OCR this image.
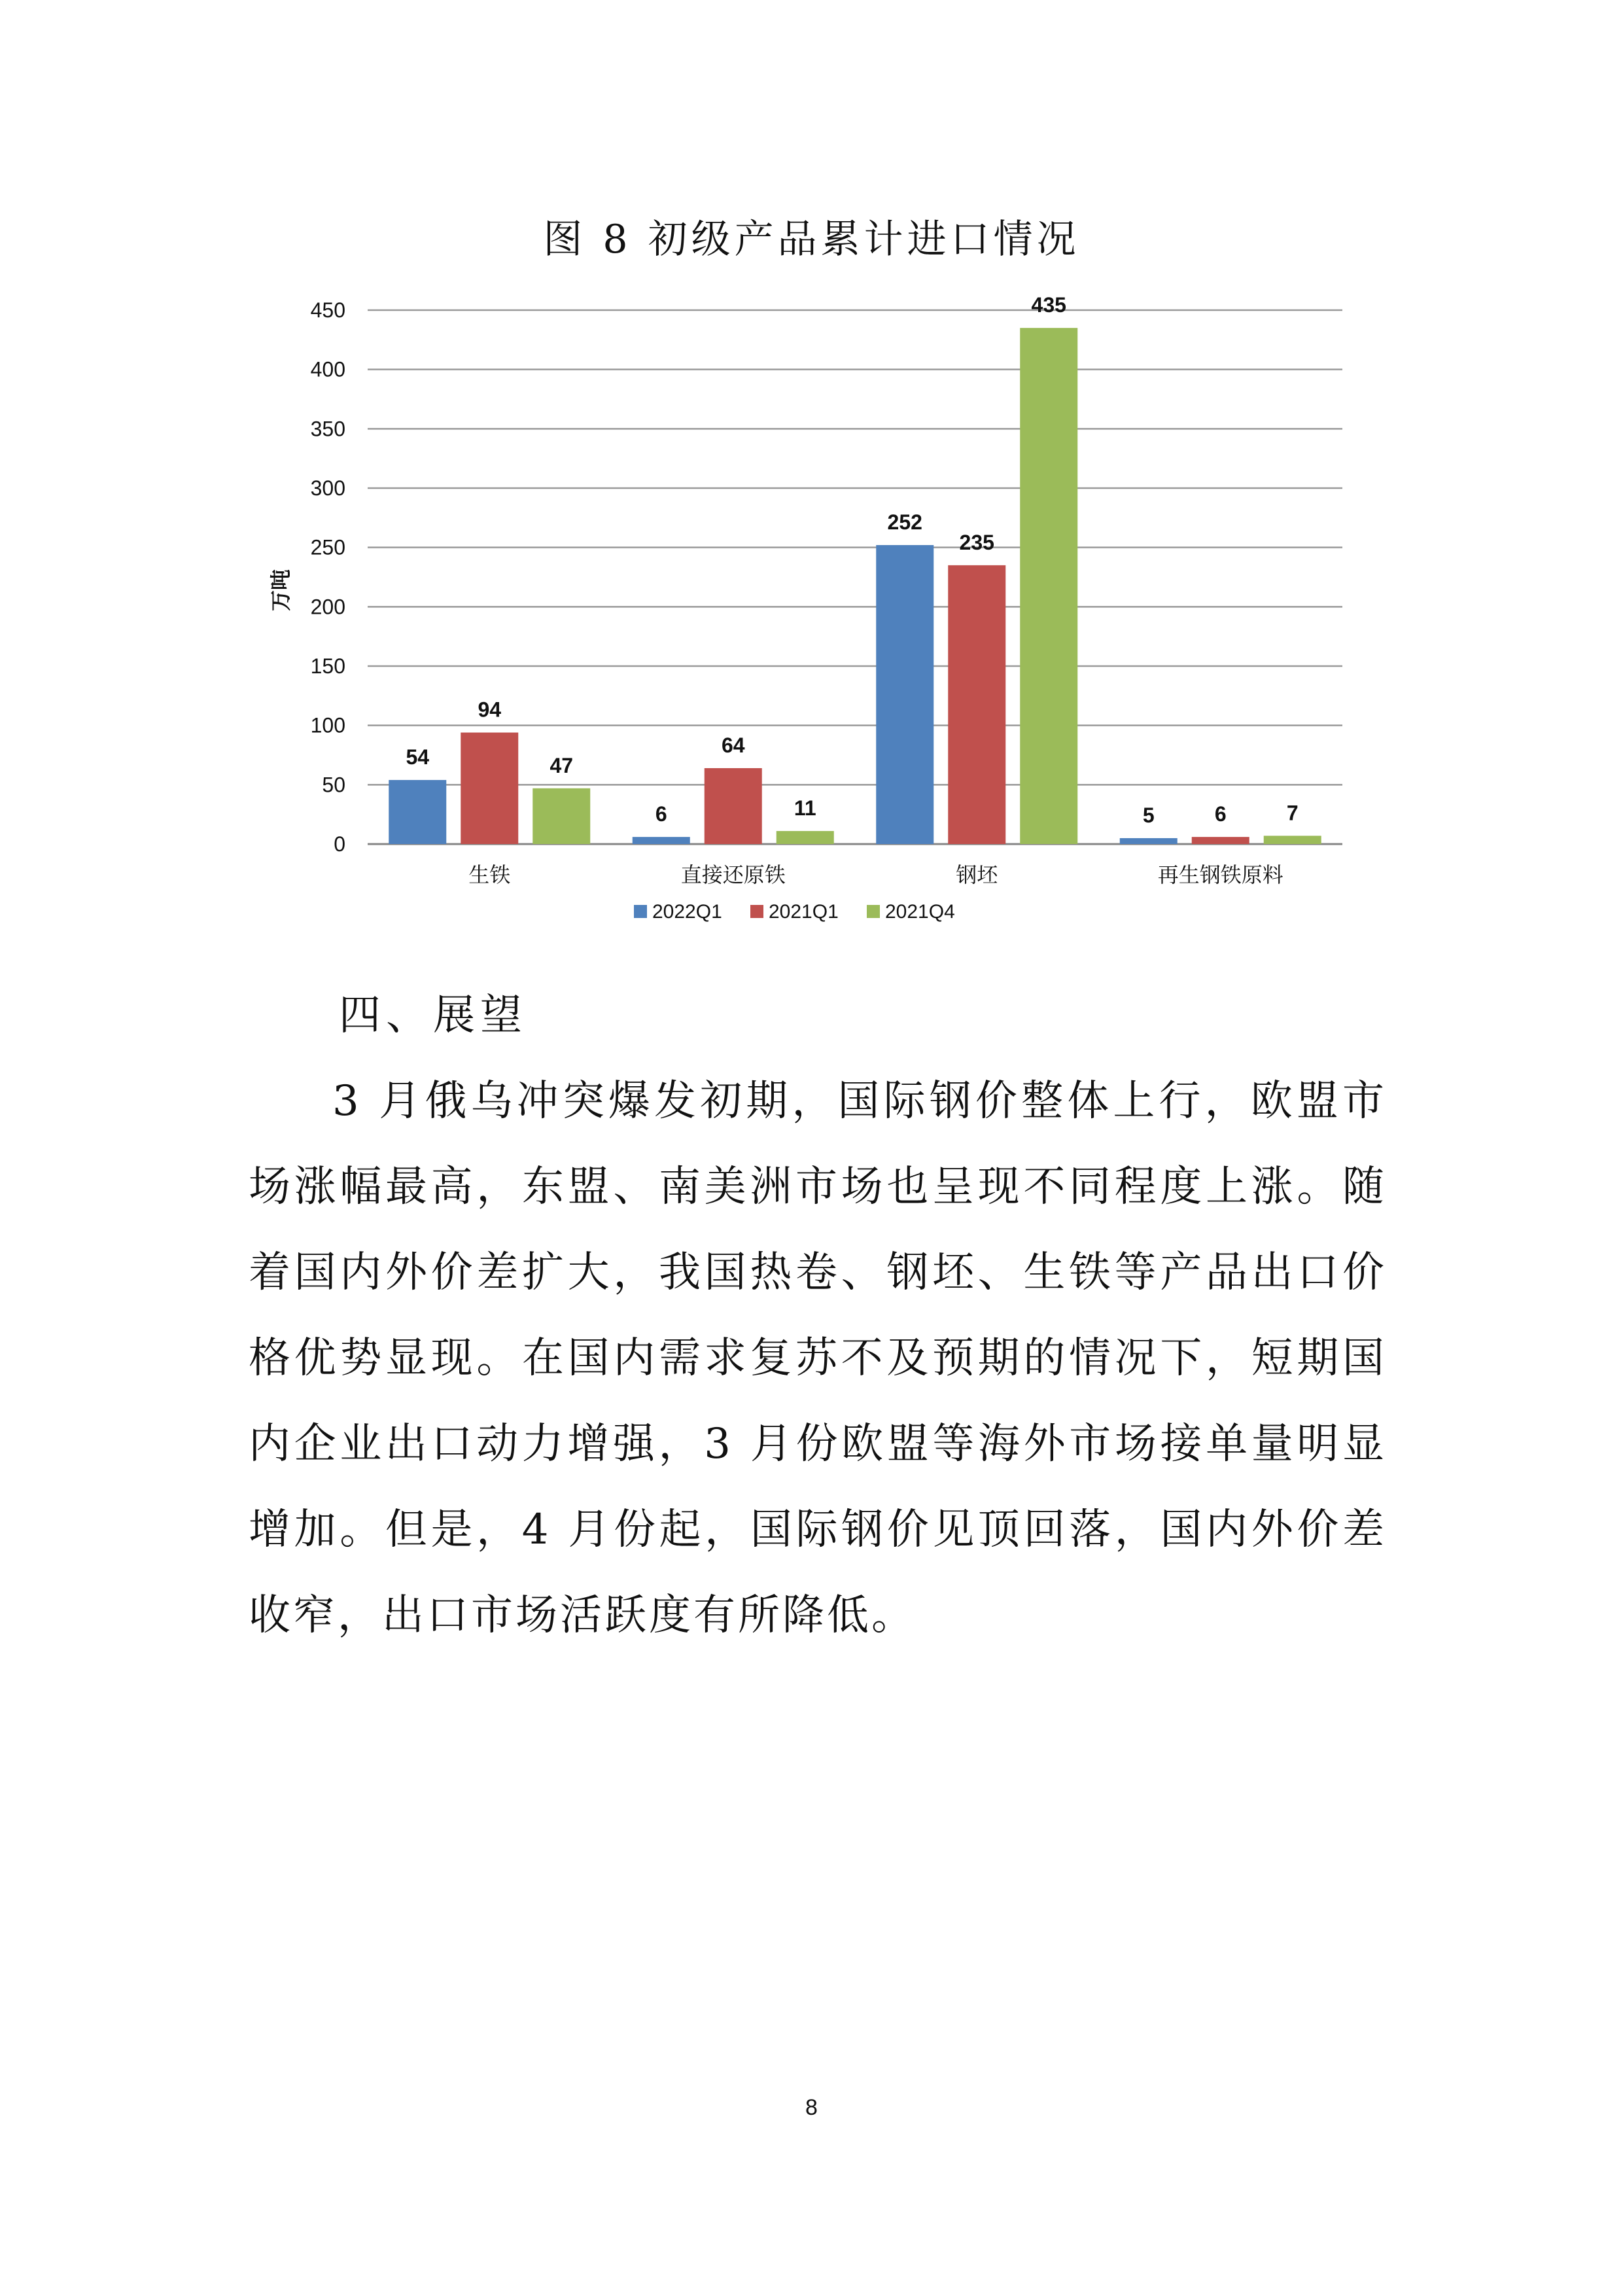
图 8 初级产品累计进口情况
0
50
100
150
200
250
300
350
400
450
万吨
54
94
47
生铁
6
64
11
直接还原铁
252
235
435
钢坯
5	6	7
再生钢铁原料
2022Q1 2021Q1 2021Q4
四、展望

3 月俄乌冲突爆发初期，国际钢价整体上行，欧盟市场涨幅最高，东盟、南美洲市场也呈现不同程度上涨。随着国内外价差扩大，我国热卷、钢坯、生铁等产品出口价格优势显现。在国内需求复苏不及预期的情况下，短期国内企业出口动力增强，3 月份欧盟等海外市场接单量明显增加。但是，4 月份起，国际钢价见顶回落，国内外价差收窄，出口市场活跃度有所降低。

8
